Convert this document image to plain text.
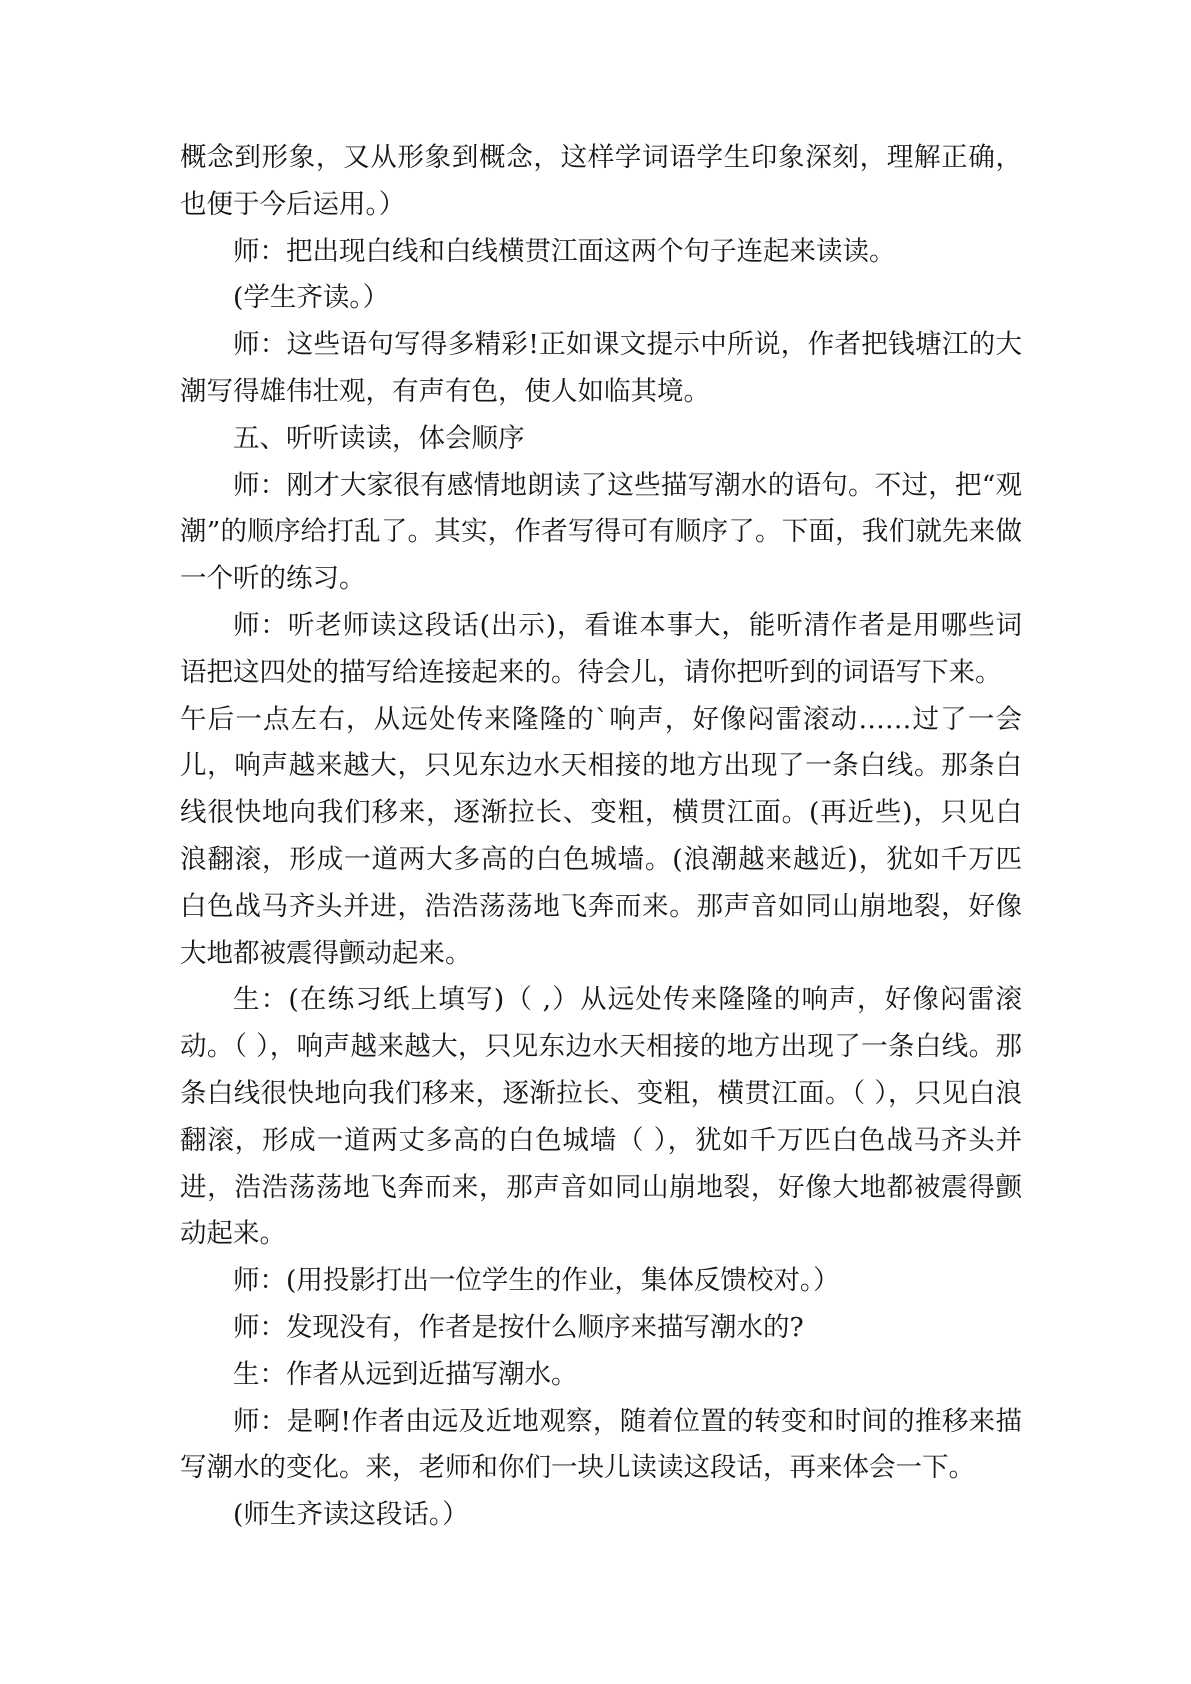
概念到形象，又从形象到概念，这样学词语学生印象深刻，理解正确，也便于今后运用。）

师：把出现白线和白线横贯江面这两个句子连起来读读。

(学生齐读。）

师：这些语句写得多精彩!正如课文提示中所说，作者把钱塘江的大潮写得雄伟壮观，有声有色，使人如临其境。

五、听听读读，体会顺序

师：刚才大家很有感情地朗读了这些描写潮水的语句。不过，把“观潮”的顺序给打乱了。其实，作者写得可有顺序了。下面，我们就先来做一个听的练习。

师：听老师读这段话(出示)，看谁本事大，能听清作者是用哪些词语把这四处的描写给连接起来的。待会儿，请你把听到的词语写下来。

午后一点左右，从远处传来隆隆的`响声，好像闷雷滚动……过了一会儿，响声越来越大，只见东边水天相接的地方出现了一条白线。那条白线很快地向我们移来，逐渐拉长、变粗，横贯江面。(再近些)，只见白浪翻滚，形成一道两大多高的白色城墙。(浪潮越来越近)，犹如千万匹白色战马齐头并进，浩浩荡荡地飞奔而来。那声音如同山崩地裂，好像大地都被震得颤动起来。

生：(在练习纸上填写)（ ,）从远处传来隆隆的响声，好像闷雷滚动。（ ），响声越来越大，只见东边水天相接的地方出现了一条白线。那条白线很快地向我们移来，逐渐拉长、变粗，横贯江面。（ ），只见白浪翻滚，形成一道两丈多高的白色城墙（ ），犹如千万匹白色战马齐头并进，浩浩荡荡地飞奔而来，那声音如同山崩地裂，好像大地都被震得颤动起来。

师：(用投影打出一位学生的作业，集体反馈校对。）

师：发现没有，作者是按什么顺序来描写潮水的?

生：作者从远到近描写潮水。

师：是啊!作者由远及近地观察，随着位置的转变和时间的推移来描写潮水的变化。来，老师和你们一块儿读读这段话，再来体会一下。

(师生齐读这段话。）
